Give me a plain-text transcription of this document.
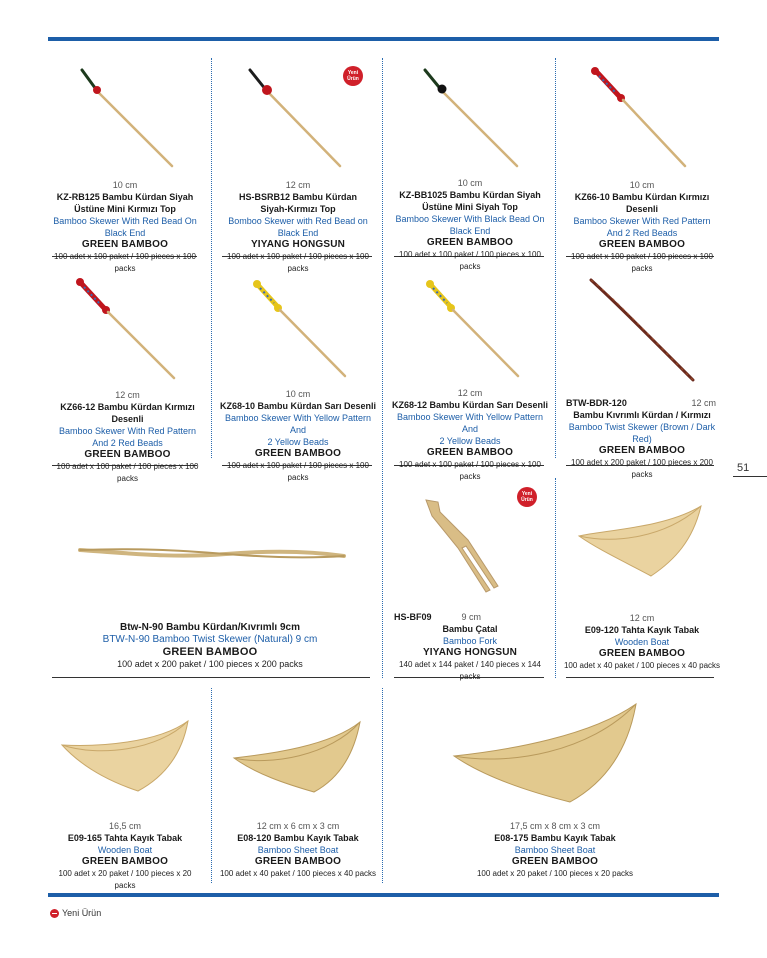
Yeni Ürün
10 cm
KZ-RB125 Bambu Kürdan Siyah
Üstüne Mini Kırmızı Top
Bamboo Skewer With Red Bead On Black End
GREEN BAMBOO
100 adet x 100 paket / 100 pieces x 100 packs
12 cm
HS-BSRB12 Bambu Kürdan
Siyah-Kırmızı Top
Bomboo Skewer with Red Bead on Black End
YIYANG HONGSUN
100 adet x 100 paket / 100 pieces x 100 packs
10 cm
KZ-BB1025 Bambu Kürdan Siyah
Üstüne Mini Siyah Top
Bamboo Skewer With Black Bead On Black End
GREEN BAMBOO
100 adet x 100 paket / 100 pieces x 100 packs
10 cm
KZ66-10 Bambu Kürdan Kırmızı Desenli
Bamboo Skewer With Red Pattern
And 2 Red Beads
GREEN BAMBOO
100 adet x 100 paket / 100 pieces x 100 packs
12 cm
KZ66-12 Bambu Kürdan Kırmızı Desenli
Bamboo Skewer With Red Pattern
And 2 Red Beads
GREEN BAMBOO
100 adet x 100 paket / 100 pieces x 100 packs
10 cm
KZ68-10 Bambu Kürdan Sarı Desenli
Bamboo Skewer With Yellow Pattern And
2 Yellow Beads
GREEN BAMBOO
100 adet x 100 paket / 100 pieces x 100 packs
12 cm
KZ68-12 Bambu Kürdan Sarı Desenli
Bamboo Skewer With Yellow Pattern And
2 Yellow Beads
GREEN BAMBOO
100 adet x 100 paket / 100 pieces x 100 packs
BTW-BDR-120	12 cm
Bambu Kıvrımlı Kürdan / Kırmızı
Bamboo Twist Skewer (Brown / Dark Red)
GREEN BAMBOO
100 adet x 200 paket / 100 pieces x 200 packs
Btw-N-90 Bambu Kürdan/Kıvrımlı 9cm
BTW-N-90 Bamboo Twist Skewer (Natural) 9 cm
GREEN BAMBOO
100 adet x 200 paket / 100 pieces x 200 packs
Yeni Ürün
HS-BF09	9 cm
Bambu Çatal
Bamboo Fork
YIYANG HONGSUN
140 adet x 144 paket / 140 pieces x 144 packs
12 cm
E09-120 Tahta Kayık Tabak
Wooden Boat
GREEN BAMBOO
100 adet x 40 paket / 100 pieces x 40 packs
16,5 cm
E09-165 Tahta Kayık Tabak
Wooden Boat
GREEN BAMBOO
100 adet x 20 paket / 100 pieces x 20 packs
12 cm x 6 cm x 3 cm
E08-120 Bambu Kayık Tabak
Bamboo Sheet Boat
GREEN BAMBOO
100 adet x 40 paket / 100 pieces x 40 packs
17,5 cm x 8 cm x 3 cm
E08-175 Bambu Kayık Tabak
Bamboo Sheet Boat
GREEN BAMBOO
100 adet x 20 paket / 100 pieces x 20 packs
51
Yeni Ürün
